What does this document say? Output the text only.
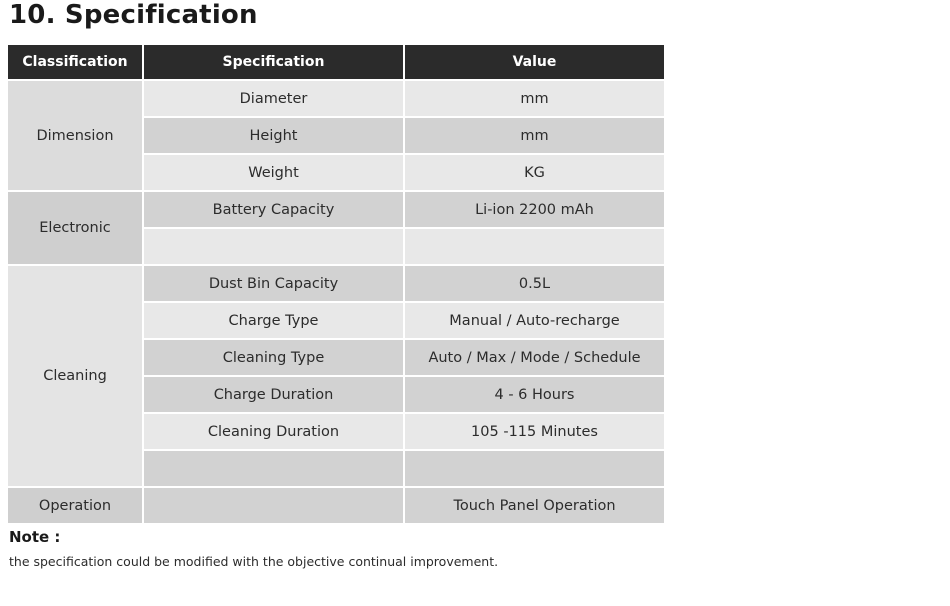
10. Specification
Classification	Specification	Value
Dimension	Diameter	mm
	Height	mm
	Weight	KG
Electronic	Battery Capacity	Li-ion 2200 mAh

Cleaning	Dust Bin Capacity	0.5L
	Charge Type	Manual / Auto-recharge
	Cleaning Type	Auto / Max / Mode / Schedule
	Charge Duration	4 - 6 Hours
	Cleaning Duration	105 -115 Minutes

Operation		Touch Panel Operation
Note :
the specification could be modified with the objective continual improvement.
